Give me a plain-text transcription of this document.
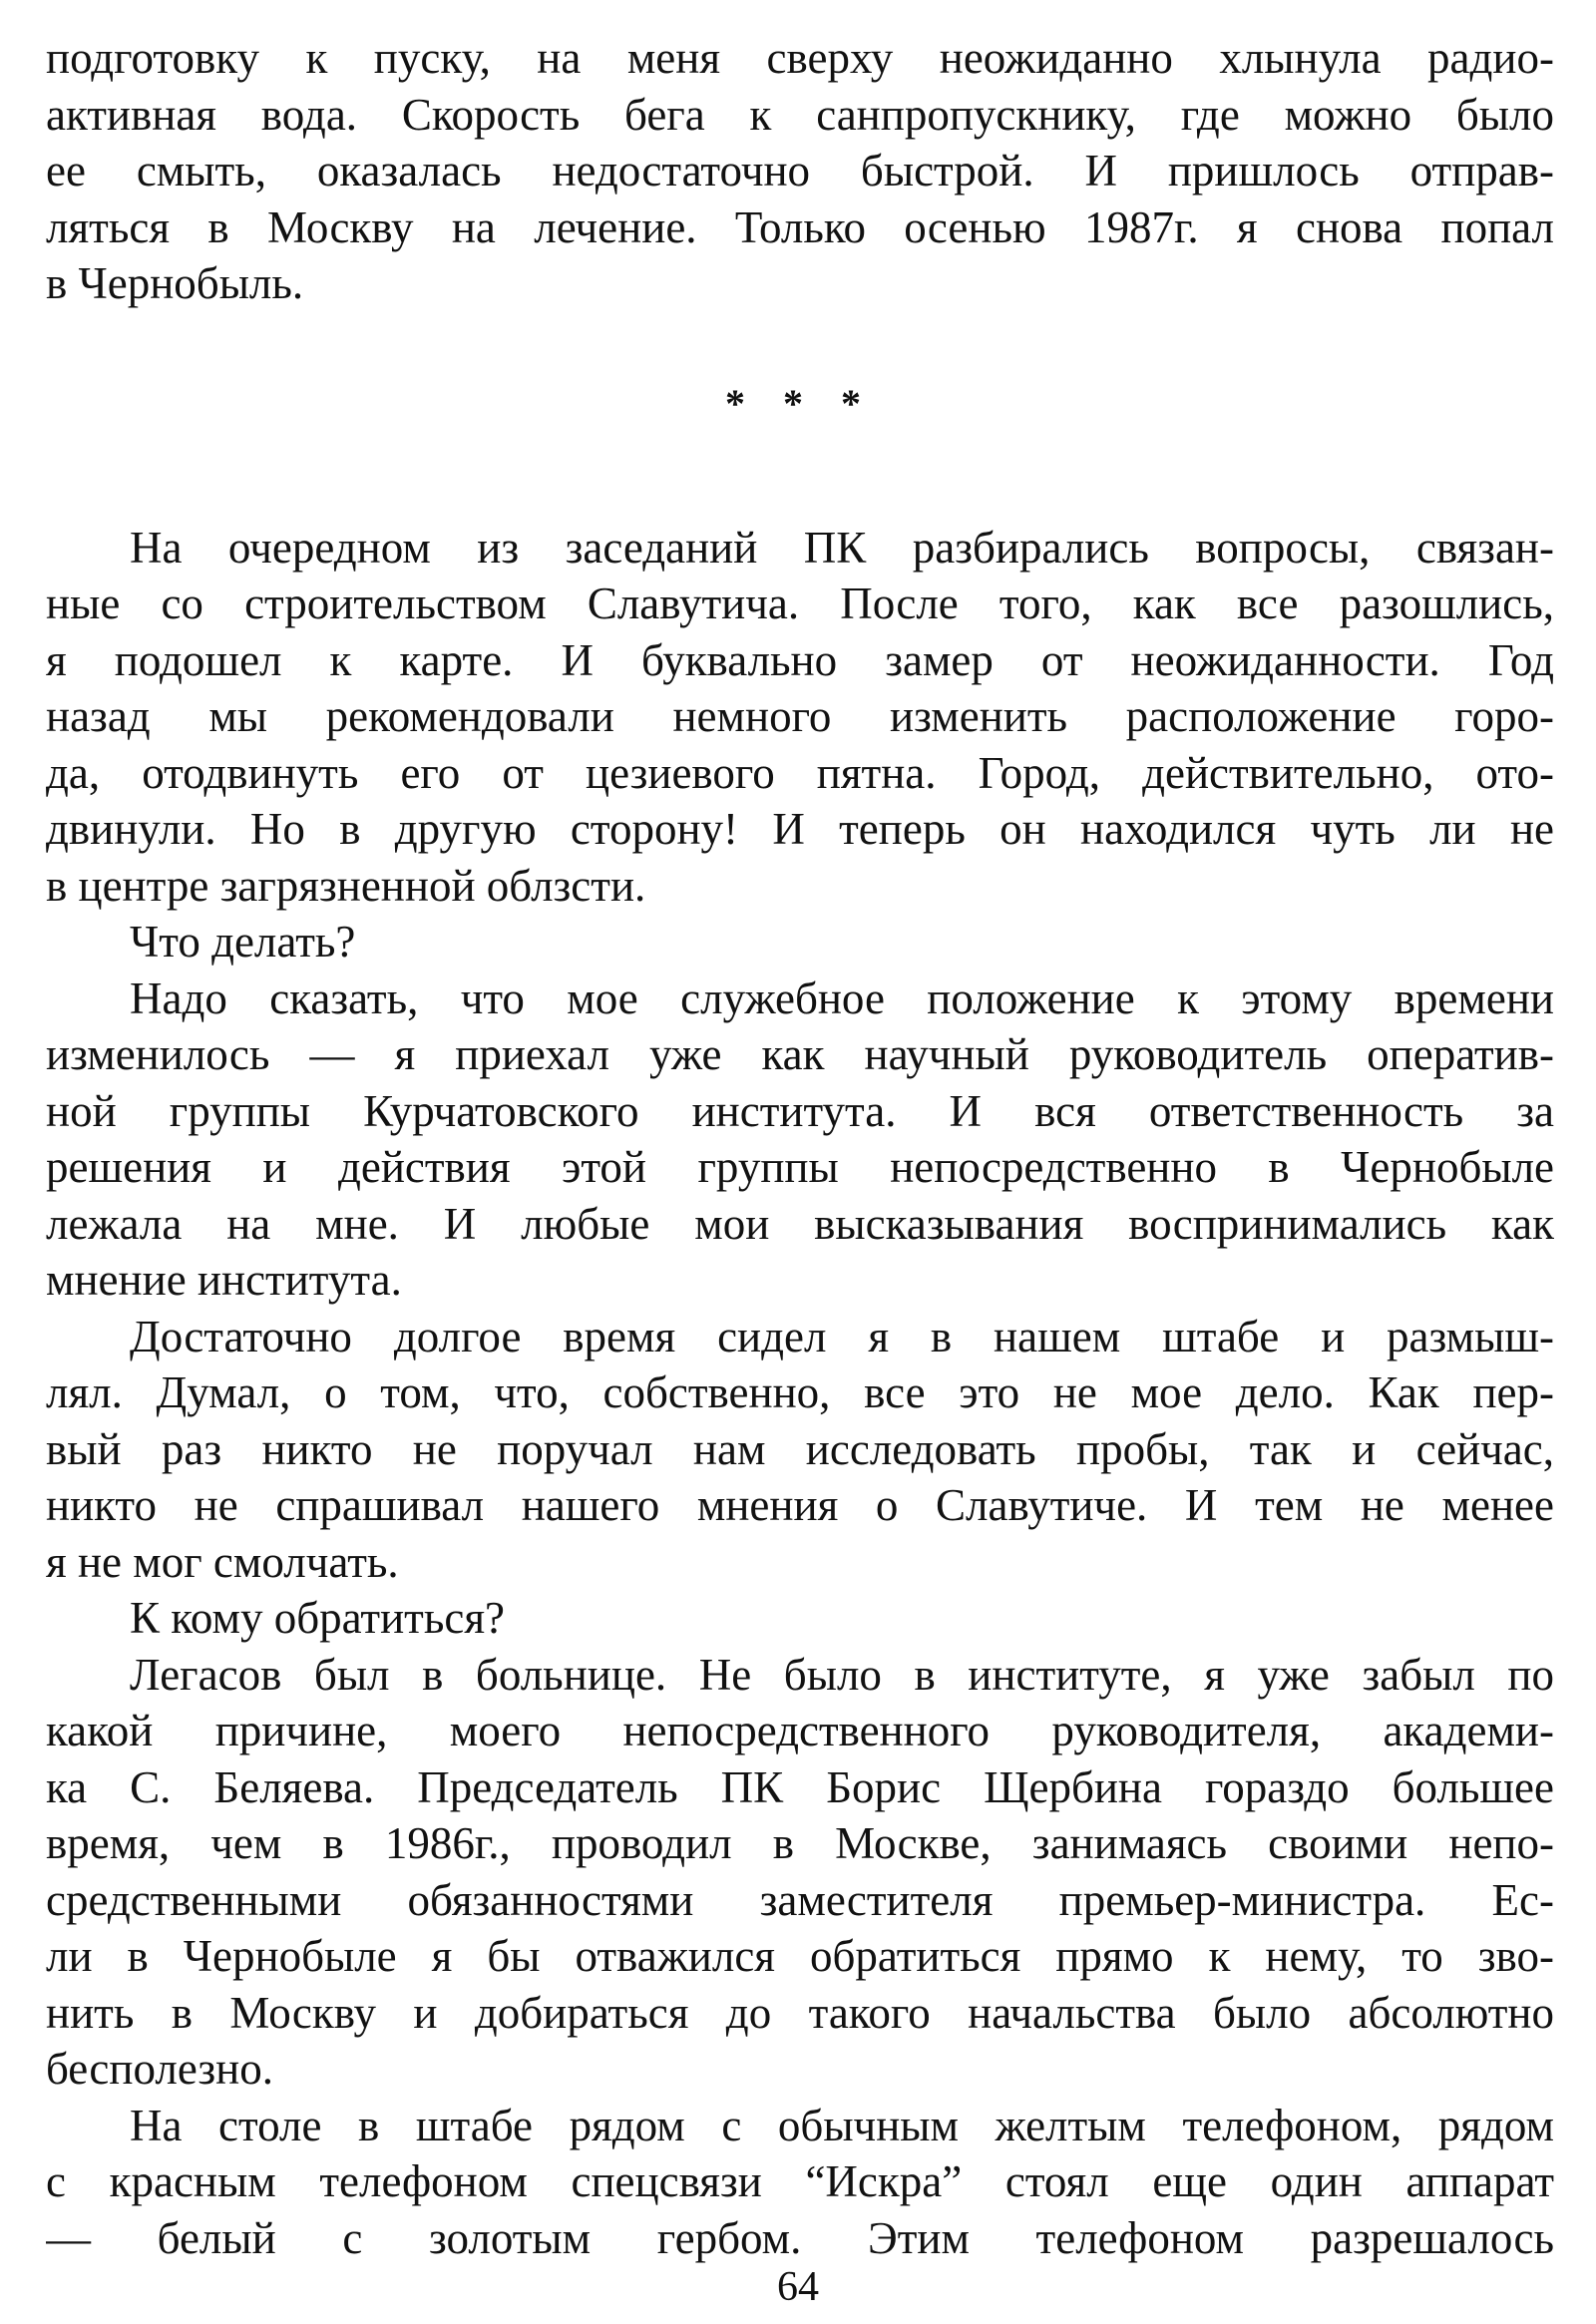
подготовку к пуску, на меня сверху неожиданно хлынула радио-
активная вода. Скорость бега к санпропускнику, где можно было
ее смыть, оказалась недостаточно быстрой. И пришлось отправ-
ляться в Москву на лечение. Только осенью 1987г. я снова попал
в Чернобыль.
* * *
На очередном из заседаний ПК разбирались вопросы, связан-
ные со строительством Славутича. После того, как все разошлись,
я подошел к карте. И буквально замер от неожиданности. Год
назад мы рекомендовали немного изменить расположение горо-
да, отодвинуть его от цезиевого пятна. Город, действительно, ото-
двинули. Но в другую сторону! И теперь он находился чуть ли не
в центре загрязненной облзсти.
Что делать?
Надо сказать, что мое служебное положение к этому времени
изменилось — я приехал уже как научный руководитель оператив-
ной группы Курчатовского института. И вся ответственность за
решения и действия этой группы непосредственно в Чернобыле
лежала на мне. И любые мои высказывания воспринимались как
мнение института.
Достаточно долгое время сидел я в нашем штабе и размыш-
лял. Думал, о том, что, собственно, все это не мое дело. Как пер-
вый раз никто не поручал нам исследовать пробы, так и сейчас,
никто не спрашивал нашего мнения о Славутиче. И тем не менее
я не мог смолчать.
К кому обратиться?
Легасов был в больнице. Не было в институте, я уже забыл по
какой причине, моего непосредственного руководителя, академи-
ка С. Беляева. Председатель ПК Борис Щербина гораздо большее
время, чем в 1986г., проводил в Москве, занимаясь своими непо-
средственными обязанностями заместителя премьер-министра. Ес-
ли в Чернобыле я бы отважился обратиться прямо к нему, то зво-
нить в Москву и добираться до такого начальства было абсолютно
бесполезно.
На столе в штабе рядом с обычным желтым телефоном, рядом
с красным телефоном спецсвязи “Искра” стоял еще один аппарат
— белый с золотым гербом. Этим телефоном разрешалось
64
